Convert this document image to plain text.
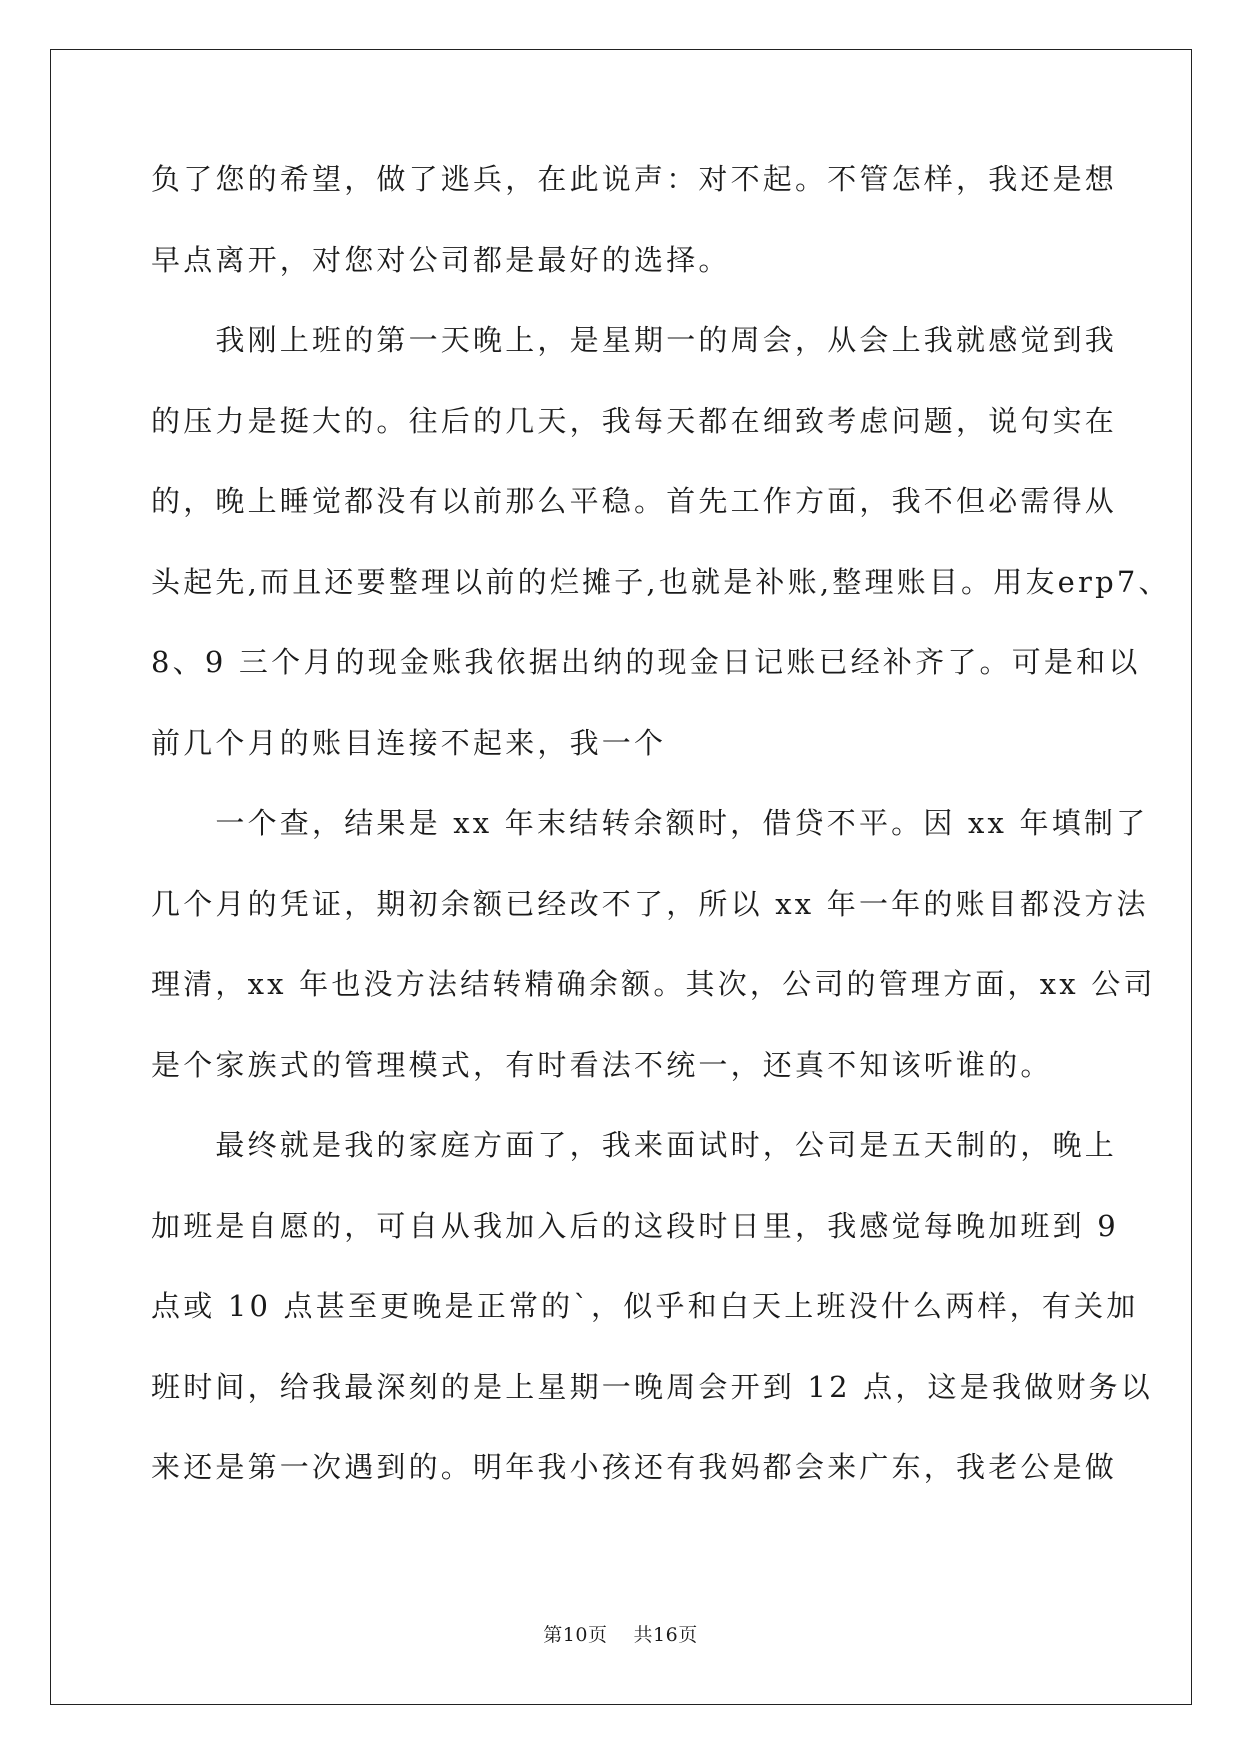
负了您的希望，做了逃兵，在此说声：对不起。不管怎样，我还是想
早点离开，对您对公司都是最好的选择。
　　我刚上班的第一天晚上，是星期一的周会，从会上我就感觉到我
的压力是挺大的。往后的几天，我每天都在细致考虑问题，说句实在
的，晚上睡觉都没有以前那么平稳。首先工作方面，我不但必需得从
头起先,而且还要整理以前的烂摊子,也就是补账,整理账目。用友erp7、
8、9 三个月的现金账我依据出纳的现金日记账已经补齐了。可是和以
前几个月的账目连接不起来，我一个
　　一个查，结果是 xx 年末结转余额时，借贷不平。因 xx 年填制了
几个月的凭证，期初余额已经改不了，所以 xx 年一年的账目都没方法
理清，xx 年也没方法结转精确余额。其次，公司的管理方面，xx 公司
是个家族式的管理模式，有时看法不统一，还真不知该听谁的。
　　最终就是我的家庭方面了，我来面试时，公司是五天制的，晚上
加班是自愿的，可自从我加入后的这段时日里，我感觉每晚加班到 9
点或 10 点甚至更晚是正常的`，似乎和白天上班没什么两样，有关加
班时间，给我最深刻的是上星期一晚周会开到 12 点，这是我做财务以
来还是第一次遇到的。明年我小孩还有我妈都会来广东，我老公是做
第10页　 共16页
